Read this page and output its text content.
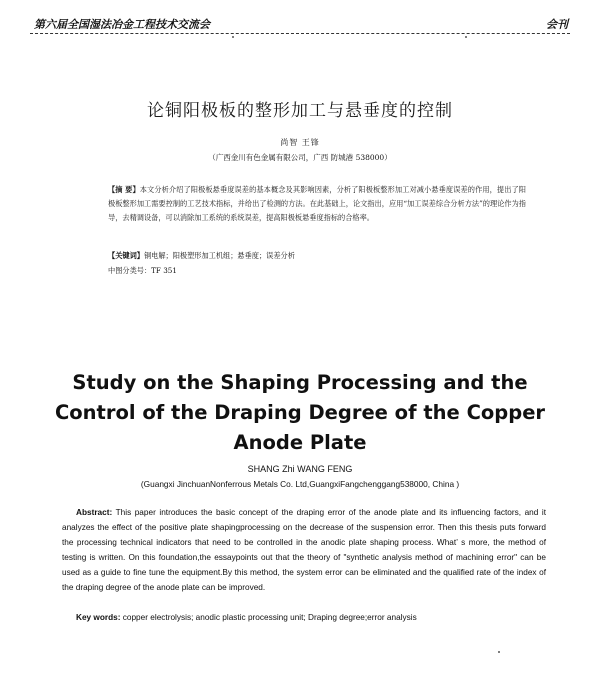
第六届全国湿法冶金工程技术交流会	会刊
论铜阳极板的整形加工与悬垂度的控制
尚智 王锋
（广西金川有色金属有限公司，广西 防城港 538000）
【摘 要】本文分析介绍了阳极板悬垂度误差的基本概念及其影响因素，分析了阳极板整形加工对减小悬垂度误差的作用，提出了阳极板整形加工需要控制的工艺技术指标，并给出了检测的方法。在此基础上，论文指出，应用“加工误差综合分析方法”的理论作为指导，去精调设备，可以消除加工系统的系统误差，提高阳极板悬垂度指标的合格率。
【关键词】铜电解；阳极塑形加工机组；悬垂度；误差分析
中图分类号：TF 351
Study on the Shaping Processing and the Control of the Draping Degree of the Copper Anode Plate
SHANG Zhi WANG FENG
(Guangxi JinchuanNonferrous Metals Co. Ltd,GuangxiFangchenggang538000, China )
Abstract: This paper introduces the basic concept of the draping error of the anode plate and its influencing factors, and it analyzes the effect of the positive plate shapingprocessing on the decrease of the suspension error. Then this thesis puts forward the processing technical indicators that need to be controlled in the anodic plate shaping process. What’ s more, the method of testing is written. On this foundation,the essaypoints out that the theory of "synthetic analysis method of machining error" can be used as a guide to fine tune the equipment.By this method, the system error can be eliminated and the qualified rate of the index of the draping degree of the anode plate can be improved.
Key words: copper electrolysis; anodic plastic processing unit; Draping degree;error analysis
